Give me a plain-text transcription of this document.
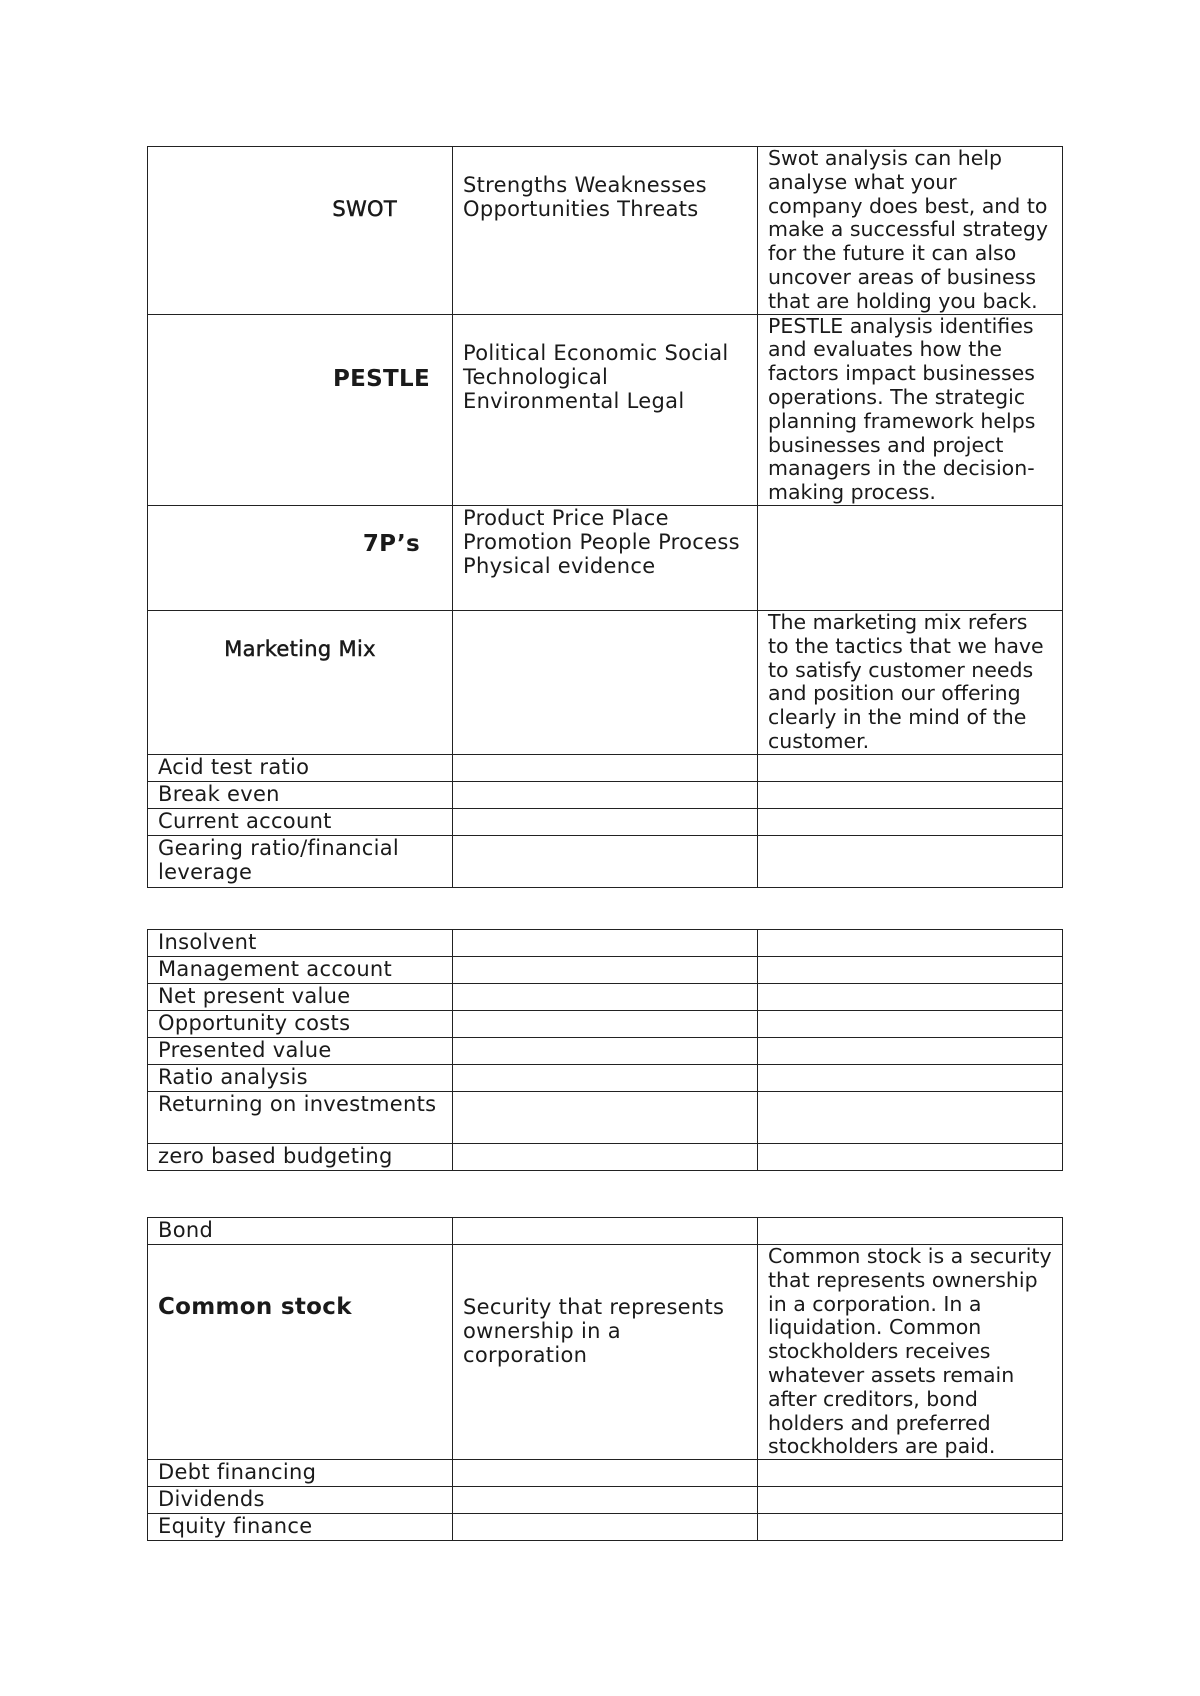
SWOT	Strengths Weaknesses Opportunities Threats	Swot analysis can help analyse what your company does best, and to make a successful strategy for the future it can also uncover areas of business that are holding you back.
PESTLE	Political Economic Social Technological Environmental Legal	PESTLE analysis identifies and evaluates how the factors impact businesses operations. The strategic planning framework helps businesses and project managers in the decision-making process.
7P’s	Product Price Place Promotion People Process Physical evidence	
Marketing Mix		The marketing mix refers to the tactics that we have to satisfy customer needs and position our offering clearly in the mind of the customer.
Acid test ratio		
Break even		
Current account		
Gearing ratio/financial leverage		
Insolvent		
Management account		
Net present value		
Opportunity costs		
Presented value		
Ratio analysis		
Returning on investments		
zero based budgeting		
Bond		
Common stock	Security that represents ownership in a corporation	Common stock is a security that represents ownership in a corporation. In a liquidation. Common stockholders receives whatever assets remain after creditors, bond holders and preferred stockholders are paid.
Debt financing		
Dividends		
Equity finance		
